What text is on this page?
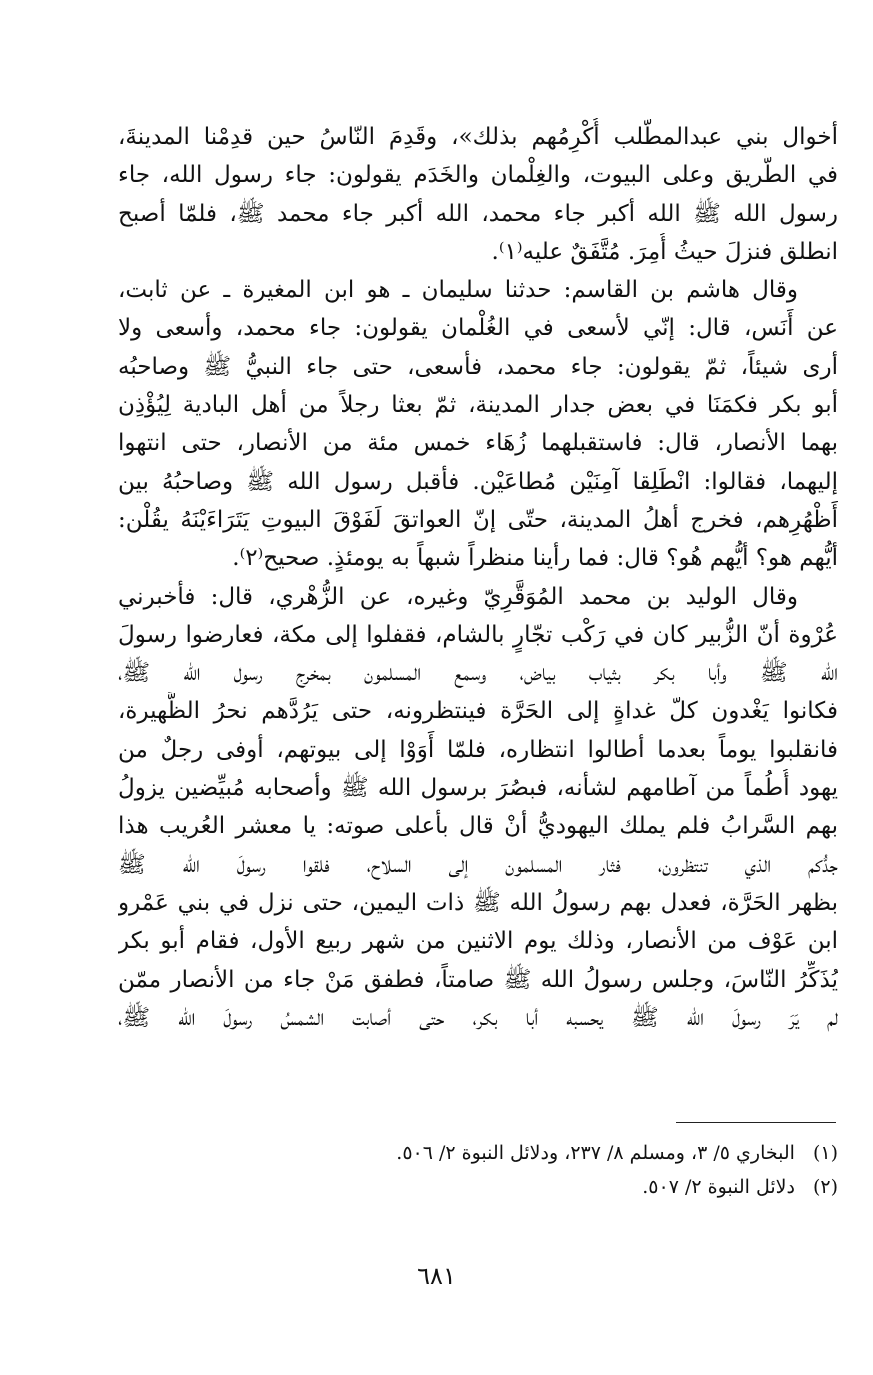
أخوال بني عبدالمطّلب أُكْرِمُهم بذلك»، وقَدِمَ النّاسُ حين قدِمْنا المدينةَ،
في الطّريق وعلى البيوت، والغِلْمان والخَدَم يقولون: جاء رسول الله، جاء
رسول الله ﷺ الله أكبر جاء محمد، الله أكبر جاء محمد ﷺ، فلمّا أصبح
انطلق فنزلَ حيثُ أُمِرَ. مُتَّفَقٌ عليه⁽١⁾.
وقال هاشم بن القاسم: حدثنا سليمان ـ هو ابن المغيرة ـ عن ثابت،
عن أَنَس، قال: إنّي لأسعى في الغُلْمان يقولون: جاء محمد، وأسعى ولا
أرى شيئاً، ثمّ يقولون: جاء محمد، فأسعى، حتى جاء النبيُّ ﷺ وصاحبُه
أبو بكر فكمَنَا في بعض جدار المدينة، ثمّ بعثا رجلاً من أهل البادية لِيُؤْذِن
بهما الأنصار، قال: فاستقبلهما زُهَاء خمس مئة من الأنصار، حتى انتهوا
إليهما، فقالوا: انْطَلِقا آمِنَيْن مُطاعَيْن. فأقبل رسول الله ﷺ وصاحبُهُ بين
أَظْهُرِهم، فخرج أهلُ المدينة، حتّى إنّ العواتقَ لَفَوْقَ البيوتِ يَتَرَاءَيْنَهُ يقُلْن:
أيُّهم هو؟ أيُّهم هُو؟ قال: فما رأينا منظراً شبهاً به يومئذٍ. صحيح⁽٢⁾.
وقال الوليد بن محمد المُوَقَّرِيّ وغيره، عن الزُّهْري، قال: فأخبرني
عُرْوة أنّ الزُّبير كان في رَكْب تجّارٍ بالشام، فقفلوا إلى مكة، فعارضوا رسولَ
الله ﷺ وأبا بكر بثياب بياض، وسمع المسلمون بمخرج رسول الله ﷺ،
فكانوا يَغْدون كلّ غداةٍ إلى الحَرَّة فينتظرونه، حتى يَرُدَّهم نحرُ الظَّهيرة،
فانقلبوا يوماً بعدما أطالوا انتظاره، فلمّا أَوَوْا إلى بيوتهم، أوفى رجلٌ من
يهود أُطُماً من آطامهم لشأنه، فبصُرَ برسول الله ﷺ وأصحابه مُبيِّضين يزولُ
بهم السَّرابُ فلم يملك اليهوديُّ أنْ قال بأعلى صوته: يا معشر العُريب هذا
جدُّكم الذي تنتظرون، فثار المسلمون إلى السلاح، فلقوا رسولَ الله ﷺ
بظهر الحَرَّة، فعدل بهم رسولُ الله ﷺ ذات اليمين، حتى نزل في بني عَمْرو
ابن عَوْف من الأنصار، وذلك يوم الاثنين من شهر ربيع الأول، فقام أبو بكر
يُذَكِّرُ النّاسَ، وجلس رسولُ الله ﷺ صامتاً، فطفق مَنْ جاء من الأنصار ممّن
لم يَرَ رسولَ الله ﷺ يحسبه أبا بكر، حتى أصابت الشمسُ رسولَ الله ﷺ،
(١)البخاري ٥/ ٣، ومسلم ٨/ ٢٣٧، ودلائل النبوة ٢/ ٥٠٦.
(٢)دلائل النبوة ٢/ ٥٠٧.
٦٨١
